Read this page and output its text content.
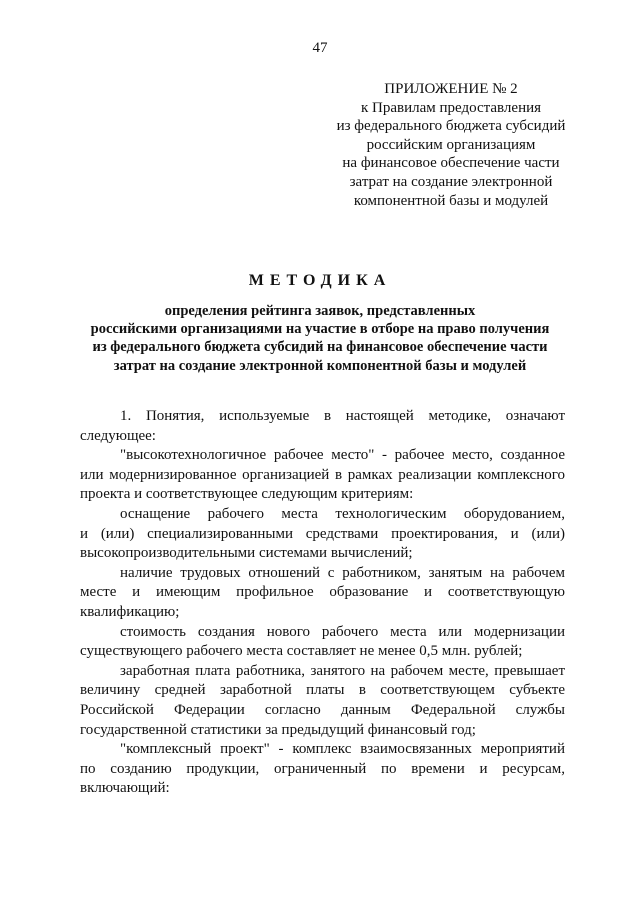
47
ПРИЛОЖЕНИЕ № 2
к Правилам предоставления
из федерального бюджета субсидий
российским организациям
на финансовое обеспечение части
затрат на создание электронной
компонентной базы и модулей
МЕТОДИКА
определения рейтинга заявок, представленных
российскими организациями на участие в отборе на право получения
из федерального бюджета субсидий на финансовое обеспечение части
затрат на создание электронной компонентной базы и модулей
1. Понятия, используемые в настоящей методике, означают
следующее:
"высокотехнологичное рабочее место" - рабочее место, созданное
или модернизированное организацией в рамках реализации комплексного
проекта и соответствующее следующим критериям:
оснащение рабочего места технологическим оборудованием,
и (или) специализированными средствами проектирования, и (или)
высокопроизводительными системами вычислений;
наличие трудовых отношений с работником, занятым на рабочем
месте и имеющим профильное образование и соответствующую
квалификацию;
стоимость создания нового рабочего места или модернизации
существующего рабочего места составляет не менее 0,5 млн. рублей;
заработная плата работника, занятого на рабочем месте, превышает
величину средней заработной платы в соответствующем субъекте
Российской Федерации согласно данным Федеральной службы
государственной статистики за предыдущий финансовый год;
"комплексный проект" - комплекс взаимосвязанных мероприятий
по созданию продукции, ограниченный по времени и ресурсам,
включающий:
